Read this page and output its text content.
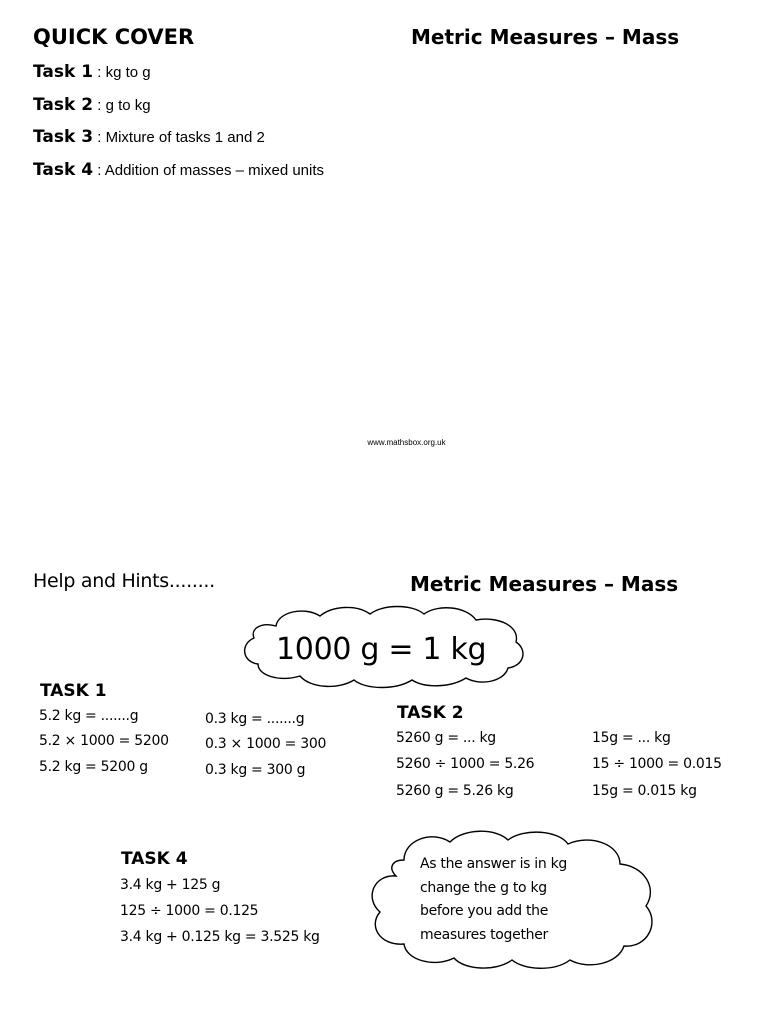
QUICK COVER	Metric Measures – Mass
Task 1 : kg to g
Task 2 : g to kg
Task 3 : Mixture of tasks 1 and 2
Task 4 : Addition of masses – mixed units
www.mathsbox.org.uk
Help and Hints........	Metric Measures – Mass
1000 g = 1 kg
TASK 1
5.2 kg = .......g
5.2 × 1000 = 5200
5.2 kg = 5200 g
0.3 kg = .......g
0.3 × 1000 = 300
0.3 kg = 300 g
TASK 2
5260 g = ... kg
5260 ÷ 1000 = 5.26
5260 g = 5.26 kg
15g = ... kg
15 ÷ 1000 = 0.015
15g = 0.015 kg
TASK 4
3.4 kg + 125 g
125 ÷ 1000 = 0.125
3.4 kg + 0.125 kg = 3.525 kg
As the answer is in kg
change the g to kg
before you add the
measures together
